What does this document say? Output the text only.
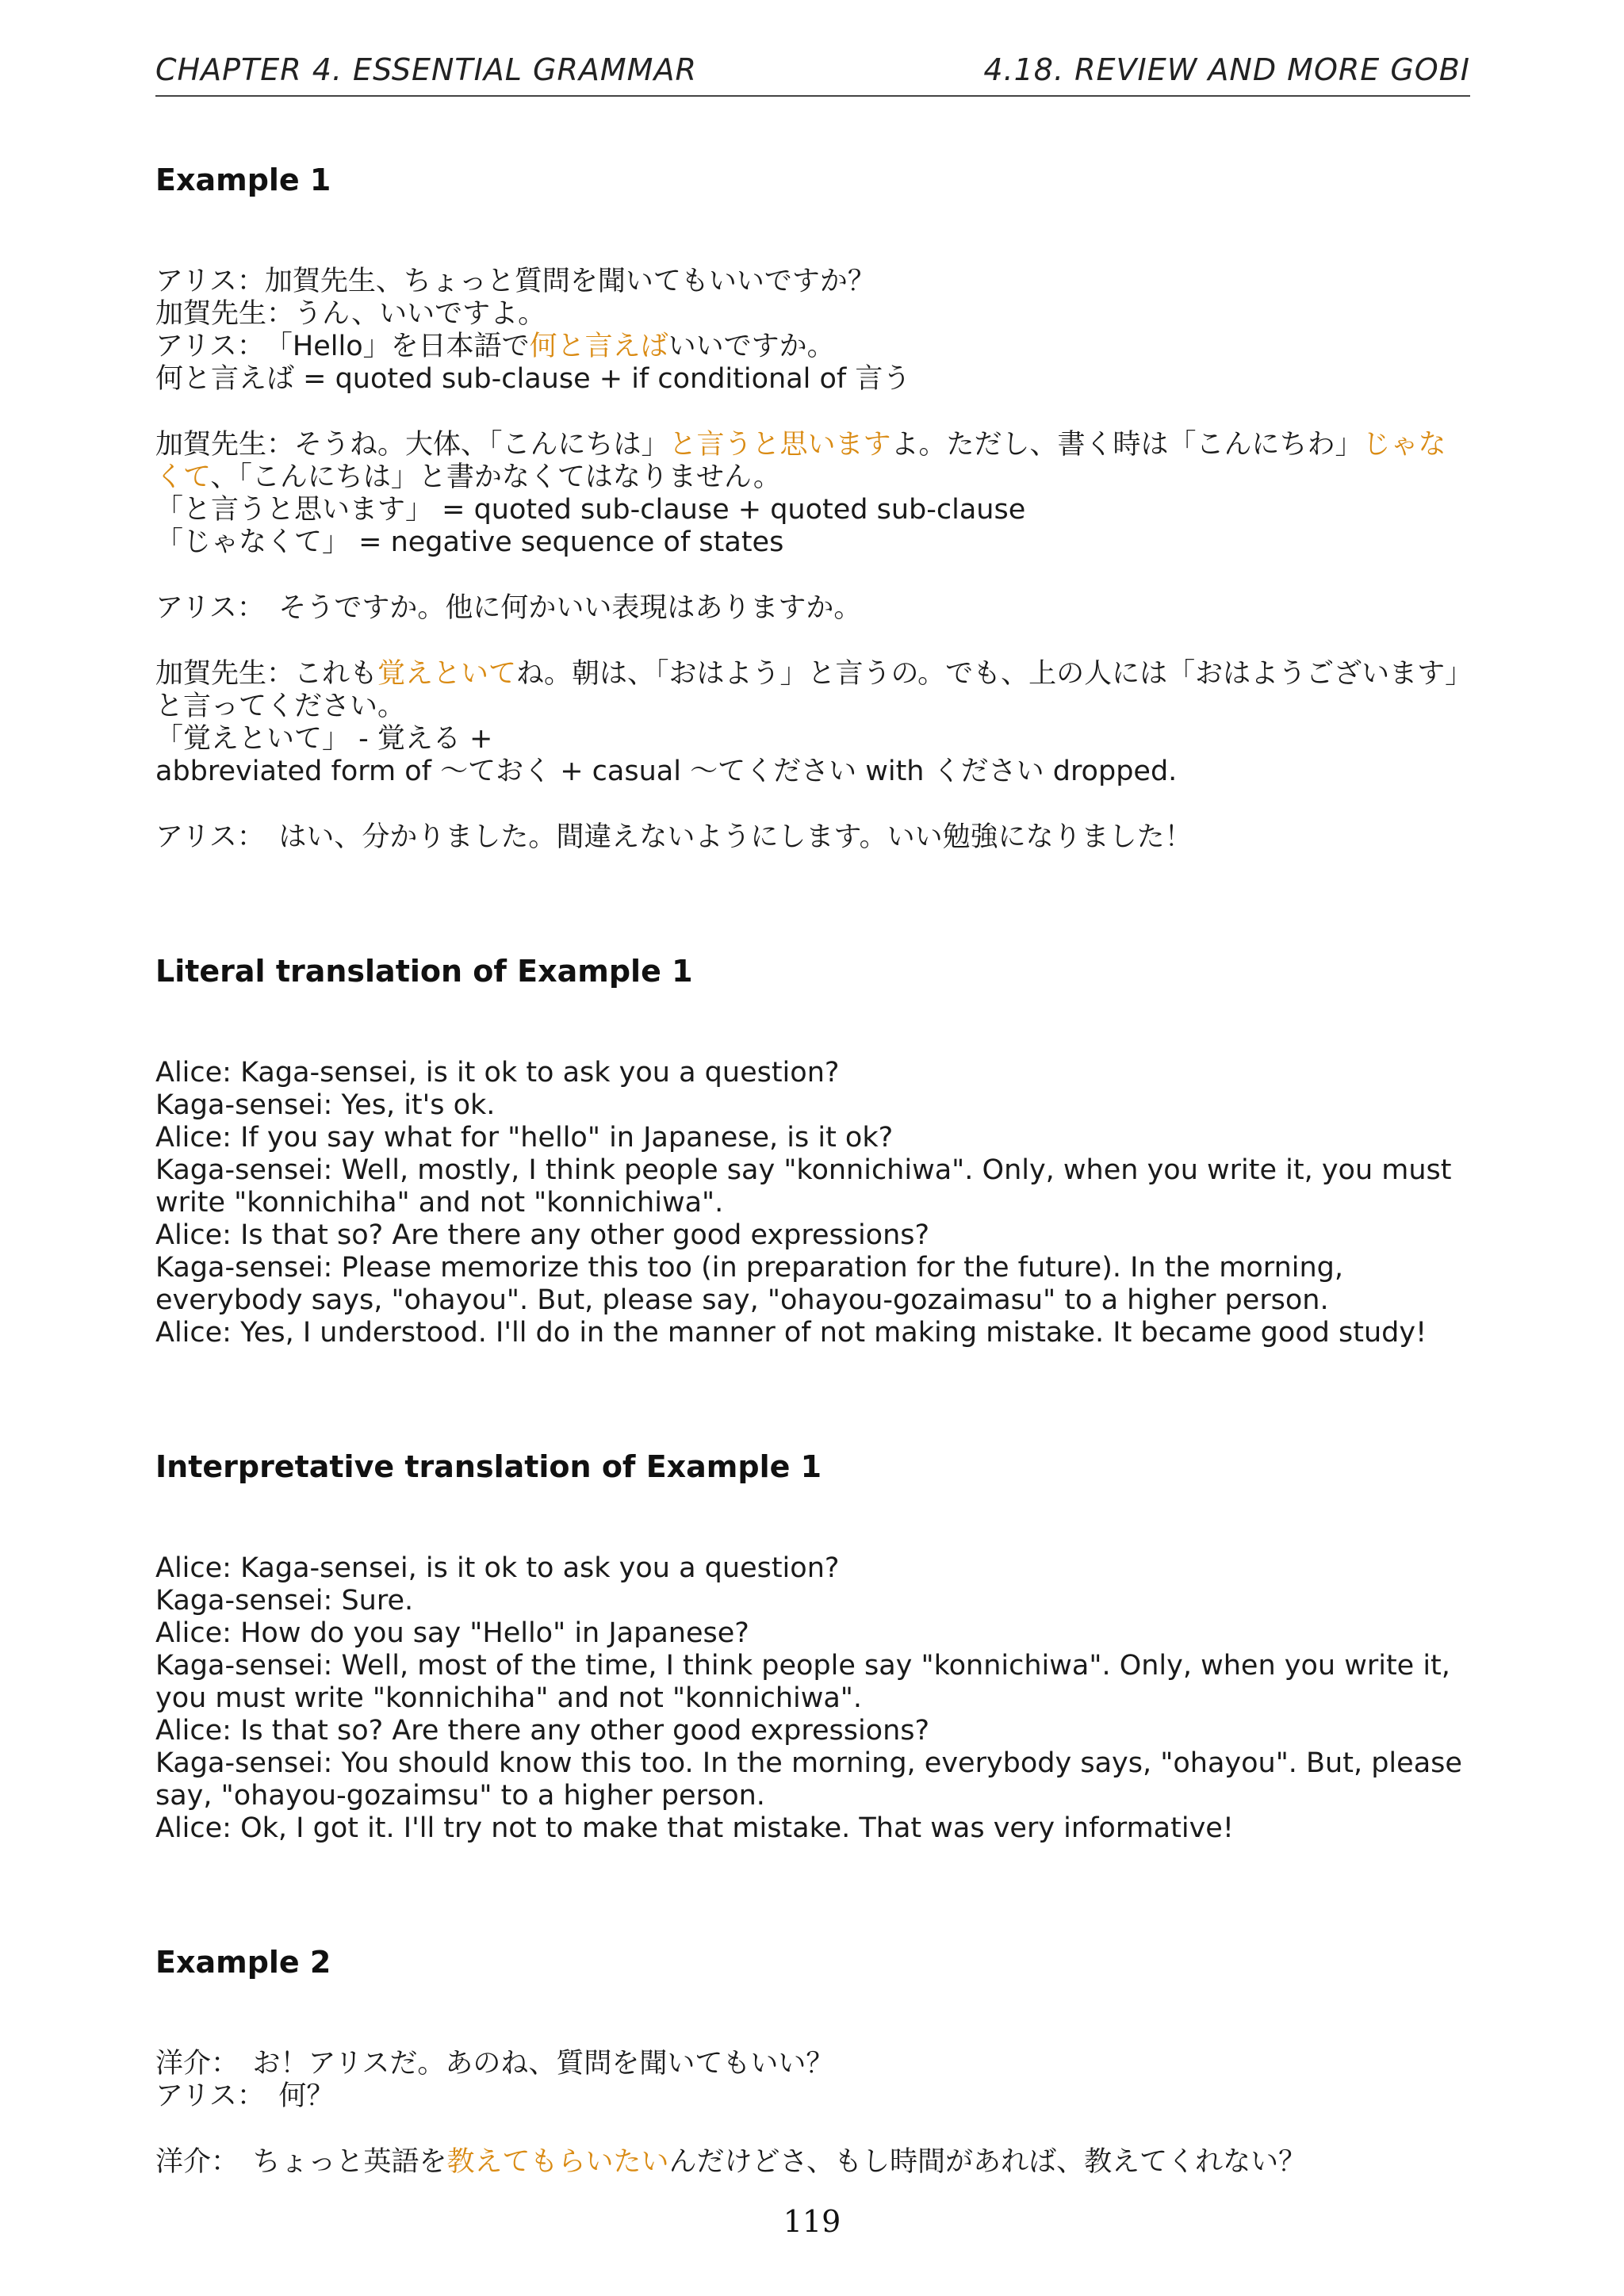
CHAPTER 4. ESSENTIAL GRAMMAR	4.18. REVIEW AND MORE GOBI
Example 1
アリス：加賀先生、ちょっと質問を聞いてもいいですか？
加賀先生：うん、いいですよ。
アリス：　「Hello」を日本語で何と言えばいいですか。
何と言えば = quoted sub-clause + if conditional of 言う
加賀先生：そうね。大体、「こんにちは」と言うと思いますよ。ただし、書く時は「こんにちわ」じゃなくて、「こんにちは」と書かなくてはなりません。
「と言うと思います」 = quoted sub-clause + quoted sub-clause
「じゃなくて」 = negative sequence of states
アリス：　そうですか。他に何かいい表現はありますか。
加賀先生：これも覚えといてね。朝は、「おはよう」と言うの。でも、上の人には「おはようございます」と言ってください。
「覚えといて」 - 覚える +
abbreviated form of ～ておく + casual ～てください with ください dropped.
アリス：　はい、分かりました。間違えないようにします。いい勉強になりました！
Literal translation of Example 1
Alice: Kaga-sensei, is it ok to ask you a question?
Kaga-sensei: Yes, it's ok.
Alice: If you say what for "hello" in Japanese, is it ok?
Kaga-sensei: Well, mostly, I think people say "konnichiwa". Only, when you write it, you must write "konnichiha" and not "konnichiwa".
Alice: Is that so? Are there any other good expressions?
Kaga-sensei: Please memorize this too (in preparation for the future). In the morning, everybody says, "ohayou". But, please say, "ohayou-gozaimasu" to a higher person.
Alice: Yes, I understood. I'll do in the manner of not making mistake. It became good study!
Interpretative translation of Example 1
Alice: Kaga-sensei, is it ok to ask you a question?
Kaga-sensei: Sure.
Alice: How do you say "Hello" in Japanese?
Kaga-sensei: Well, most of the time, I think people say "konnichiwa". Only, when you write it, you must write "konnichiha" and not "konnichiwa".
Alice: Is that so? Are there any other good expressions?
Kaga-sensei: You should know this too. In the morning, everybody says, "ohayou". But, please say, "ohayou-gozaimsu" to a higher person.
Alice: Ok, I got it. I'll try not to make that mistake. That was very informative!
Example 2
洋介：　お！アリスだ。あのね、質問を聞いてもいい？
アリス：　何？
洋介：　ちょっと英語を教えてもらいたいんだけどさ、もし時間があれば、教えてくれない？
119
